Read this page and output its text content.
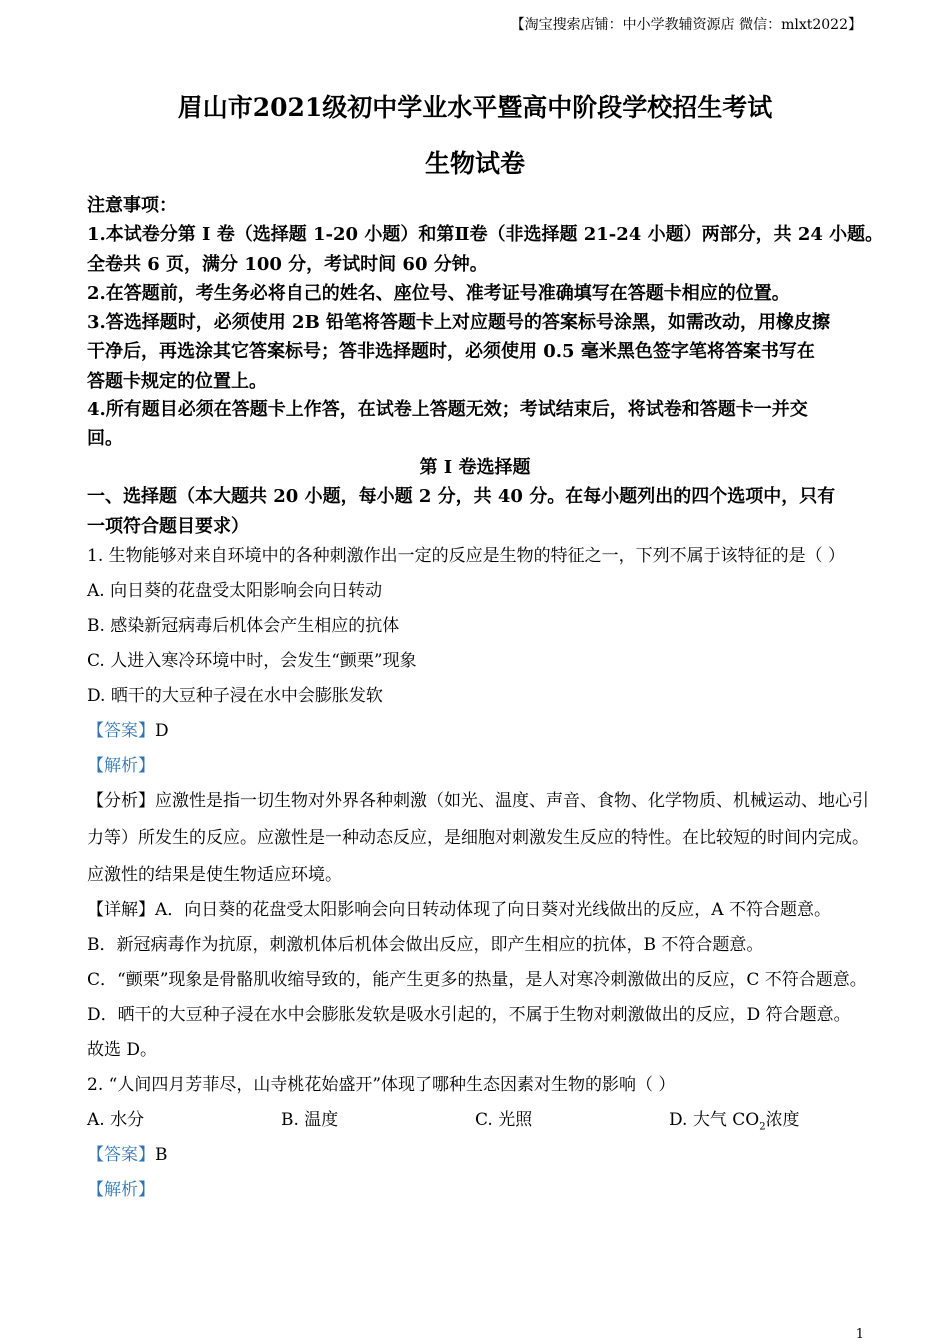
【淘宝搜索店铺：中小学教辅资源店 微信：mlxt2022】
眉山市2021级初中学业水平暨高中阶段学校招生考试
生物试卷
注意事项：
1.本试卷分第 I 卷（选择题 1-20 小题）和第Ⅱ卷（非选择题 21-24 小题）两部分，共 24 小题。
全卷共 6 页，满分 100 分，考试时间 60 分钟。
2.在答题前，考生务必将自己的姓名、座位号、准考证号准确填写在答题卡相应的位置。
3.答选择题时，必须使用 2B 铅笔将答题卡上对应题号的答案标号涂黑，如需改动，用橡皮擦
干净后，再选涂其它答案标号；答非选择题时，必须使用 0.5 毫米黑色签字笔将答案书写在
答题卡规定的位置上。
4.所有题目必须在答题卡上作答，在试卷上答题无效；考试结束后，将试卷和答题卡一并交
回。
第 I 卷选择题
一、选择题（本大题共 20 小题，每小题 2 分，共 40 分。在每小题列出的四个选项中，只有
一项符合题目要求）
1. 生物能够对来自环境中的各种刺激作出一定的反应是生物的特征之一，下列不属于该特征的是（ ）
A. 向日葵的花盘受太阳影响会向日转动
B. 感染新冠病毒后机体会产生相应的抗体
C. 人进入寒冷环境中时，会发生“颤栗”现象
D. 晒干的大豆种子浸在水中会膨胀发软
【答案】D
【解析】
【分析】应激性是指一切生物对外界各种刺激（如光、温度、声音、食物、化学物质、机械运动、地心引
力等）所发生的反应。应激性是一种动态反应，是细胞对刺激发生反应的特性。在比较短的时间内完成。
应激性的结果是使生物适应环境。
【详解】A．向日葵的花盘受太阳影响会向日转动体现了向日葵对光线做出的反应，A 不符合题意。
B．新冠病毒作为抗原，刺激机体后机体会做出反应，即产生相应的抗体，B 不符合题意。
C．“颤栗”现象是骨骼肌收缩导致的，能产生更多的热量，是人对寒冷刺激做出的反应，C 不符合题意。
D．晒干的大豆种子浸在水中会膨胀发软是吸水引起的，不属于生物对刺激做出的反应，D 符合题意。
故选 D。
2. “人间四月芳菲尽，山寺桃花始盛开”体现了哪种生态因素对生物的影响（ ）
A. 水分	B. 温度	C. 光照	D. 大气 $CO_2$浓度
【答案】B
【解析】
1
